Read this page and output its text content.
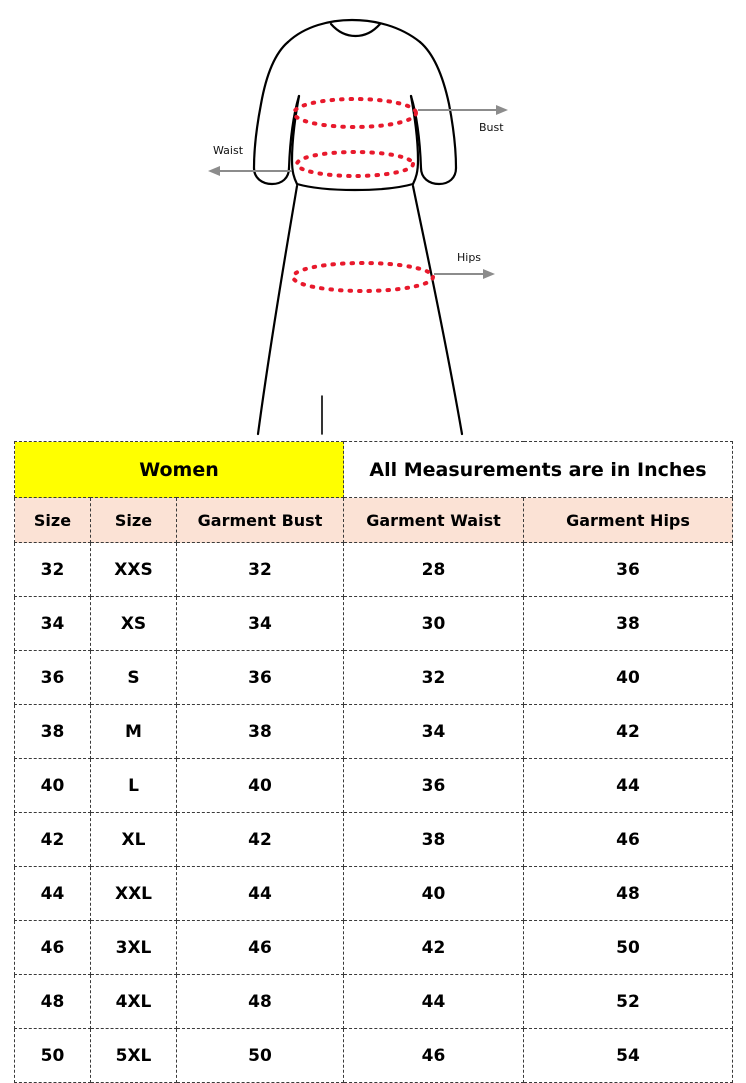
Bust
Waist
Hips
Women			All Measurements are in Inches	
Size	Size	Garment Bust	Garment Waist	Garment Hips
32	XXS	32	28	36
34	XS	34	30	38
36	S	36	32	40
38	M	38	34	42
40	L	40	36	44
42	XL	42	38	46
44	XXL	44	40	48
46	3XL	46	42	50
48	4XL	48	44	52
50	5XL	50	46	54
